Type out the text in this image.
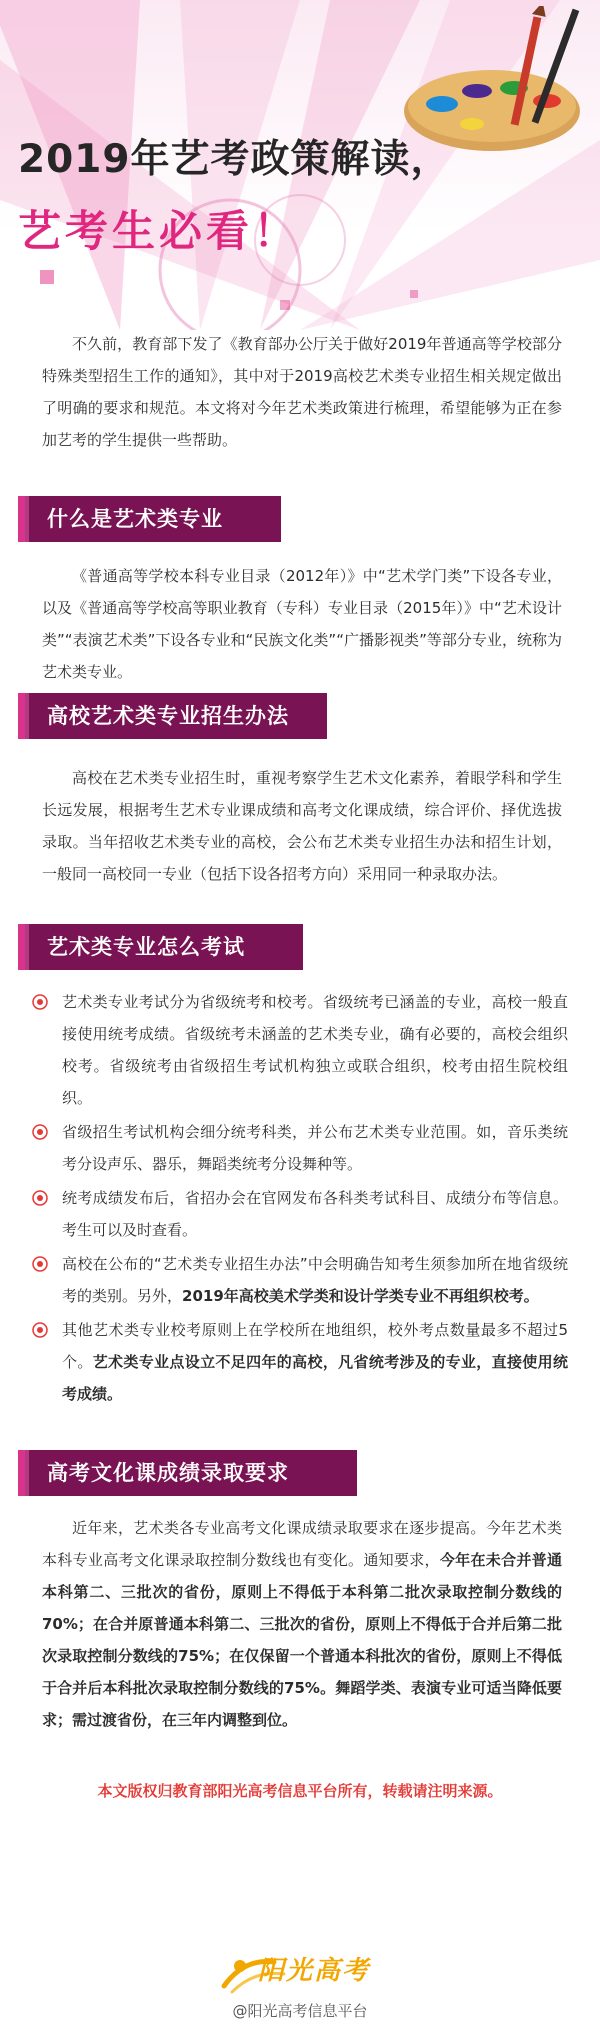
2019年艺考政策解读，
艺考生必看！

不久前，教育部下发了《教育部办公厅关于做好2019年普通高等学校部分特殊类型招生工作的通知》，其中对于2019高校艺术类专业招生相关规定做出了明确的要求和规范。本文将对今年艺术类政策进行梳理，希望能够为正在参加艺考的学生提供一些帮助。

什么是艺术类专业

《普通高等学校本科专业目录（2012年）》中“艺术学门类”下设各专业，以及《普通高等学校高等职业教育（专科）专业目录（2015年）》中“艺术设计类”“表演艺术类”下设各专业和“民族文化类”“广播影视类”等部分专业，统称为艺术类专业。

高校艺术类专业招生办法

高校在艺术类专业招生时，重视考察学生艺术文化素养，着眼学科和学生长远发展，根据考生艺术专业课成绩和高考文化课成绩，综合评价、择优选拔录取。当年招收艺术类专业的高校，会公布艺术类专业招生办法和招生计划，一般同一高校同一专业（包括下设各招考方向）采用同一种录取办法。

艺术类专业怎么考试
艺术类专业考试分为省级统考和校考。省级统考已涵盖的专业，高校一般直接使用统考成绩。省级统考未涵盖的艺术类专业，确有必要的，高校会组织校考。省级统考由省级招生考试机构独立或联合组织，校考由招生院校组织。
省级招生考试机构会细分统考科类，并公布艺术类专业范围。如，音乐类统考分设声乐、器乐，舞蹈类统考分设舞种等。
统考成绩发布后，省招办会在官网发布各科类考试科目、成绩分布等信息。考生可以及时查看。
高校在公布的“艺术类专业招生办法”中会明确告知考生须参加所在地省级统考的类别。另外，2019年高校美术学类和设计学类专业不再组织校考。
其他艺术类专业校考原则上在学校所在地组织，校外考点数量最多不超过5个。艺术类专业点设立不足四年的高校，凡省统考涉及的专业，直接使用统考成绩。
高考文化课成绩录取要求

近年来，艺术类各专业高考文化课成绩录取要求在逐步提高。今年艺术类本科专业高考文化课录取控制分数线也有变化。通知要求，今年在未合并普通本科第二、三批次的省份，原则上不得低于本科第二批次录取控制分数线的70%；在合并原普通本科第二、三批次的省份，原则上不得低于合并后第二批次录取控制分数线的75%；在仅保留一个普通本科批次的省份，原则上不得低于合并后本科批次录取控制分数线的75%。舞蹈学类、表演专业可适当降低要求；需过渡省份，在三年内调整到位。

本文版权归教育部阳光高考信息平台所有，转载请注明来源。
阳光高考
@阳光高考信息平台
